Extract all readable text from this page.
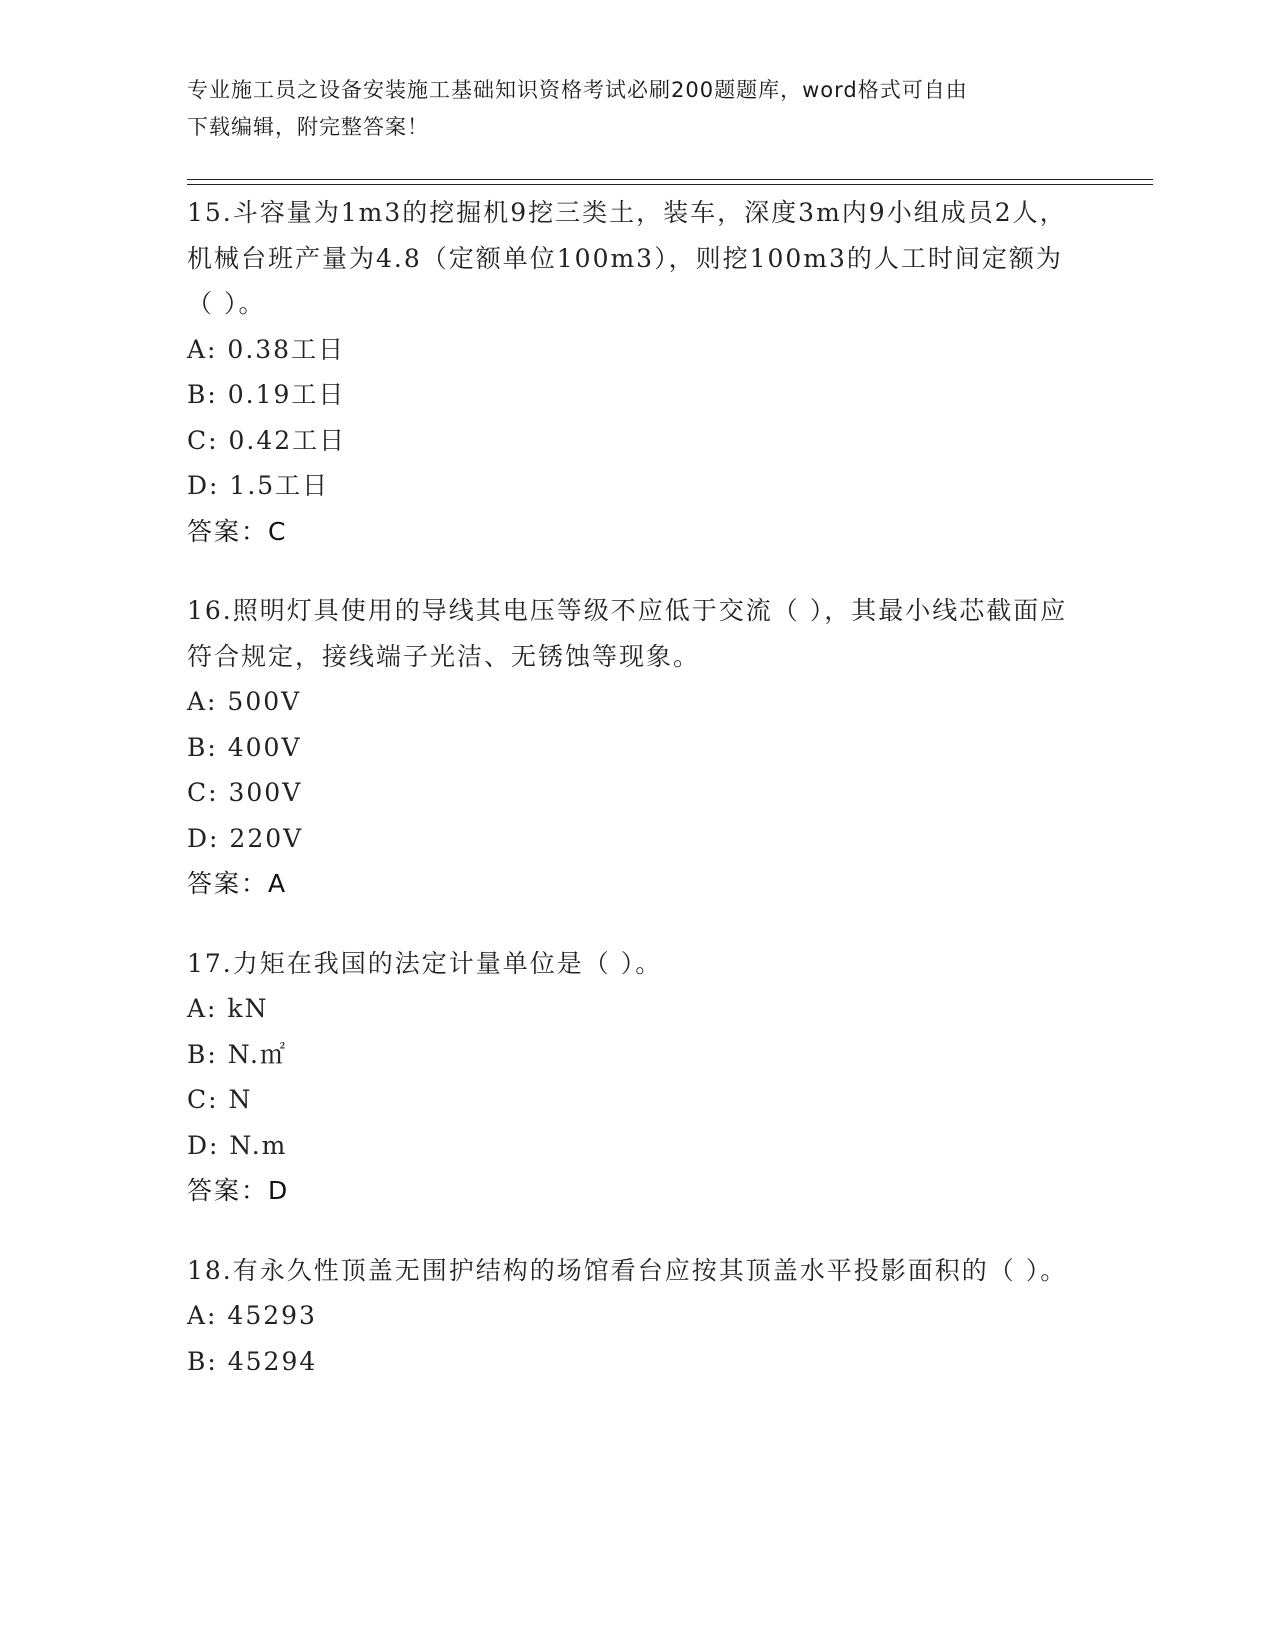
专业施工员之设备安装施工基础知识资格考试必刷200题题库，word格式可自由
下载编辑，附完整答案！

15.斗容量为1m3的挖掘机9挖三类土，装车，深度3m内9小组成员2人，机械台班产量为4.8（定额单位100m3），则挖100m3的人工时间定额为（ ）。

A: 0.38工日

B: 0.19工日

C: 0.42工日

D: 1.5工日

答案：C

16.照明灯具使用的导线其电压等级不应低于交流（ ），其最小线芯截面应符合规定，接线端子光洁、无锈蚀等现象。

A: 500V

B: 400V

C: 300V

D: 220V

答案：A

17.力矩在我国的法定计量单位是（ ）。

A: kN

B: N.㎡

C: N

D: N.m

答案：D

18.有永久性顶盖无围护结构的场馆看台应按其顶盖水平投影面积的（ ）。

A: 45293

B: 45294
